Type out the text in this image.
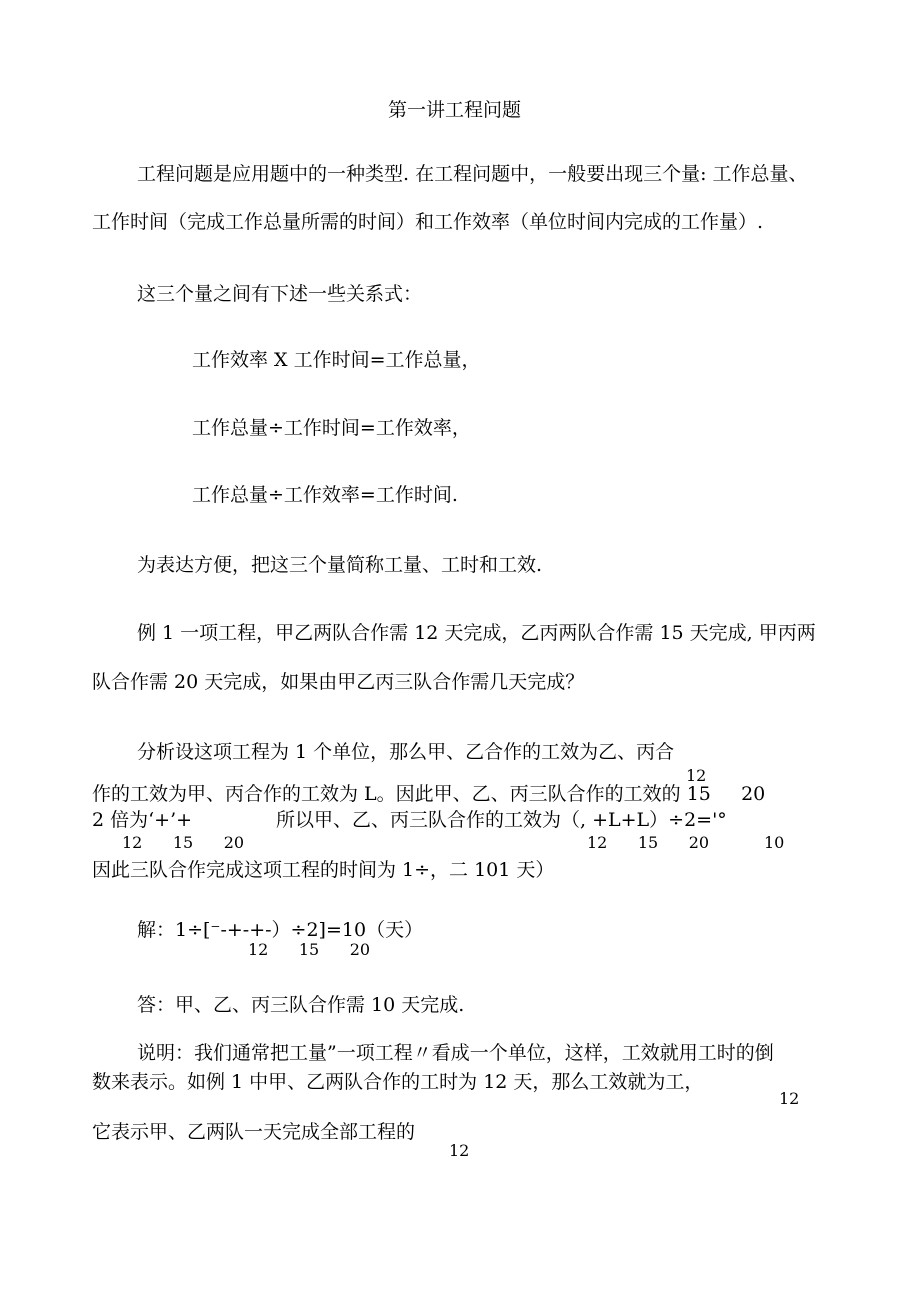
第一讲工程问题
工程问题是应用题中的一种类型. 在工程问题中，一般要出现三个量: 工作总量、
工作时间（完成工作总量所需的时间）和工作效率（单位时间内完成的工作量）.
这三个量之间有下述一些关系式：
工作效率 X 工作时间=工作总量，
工作总量÷工作时间=工作效率，
工作总量÷工作效率=工作时间.
为表达方便，把这三个量简称工量、工时和工效.
例 1 一项工程，甲乙两队合作需 12 天完成，乙丙两队合作需 15 天完成, 甲丙两
队合作需 20 天完成，如果由甲乙丙三队合作需几天完成？
分析设这项工程为 1 个单位，那么甲、乙合作的工效为乙、丙合
12
作的工效为甲、丙合作的工效为 L。因此甲、乙、丙三队合作的工效的 15     20
2 倍为‘+’+	所以甲、乙、丙三队合作的工效为（, +L+L）÷2='°
12      15      20	12      15      20	10
因此三队合作完成这项工程的时间为 1÷，二 101 天）
解：1÷[⁻-+-+-）÷2]=10（天）
12      15      20
答：甲、乙、丙三队合作需 10 天完成.
说明：我们通常把工量”一项工程〃看成一个单位，这样，工效就用工时的倒
数来表示。如例 1 中甲、乙两队合作的工时为 12 天，那么工效就为工，
12
它表示甲、乙两队一天完成全部工程的
12
